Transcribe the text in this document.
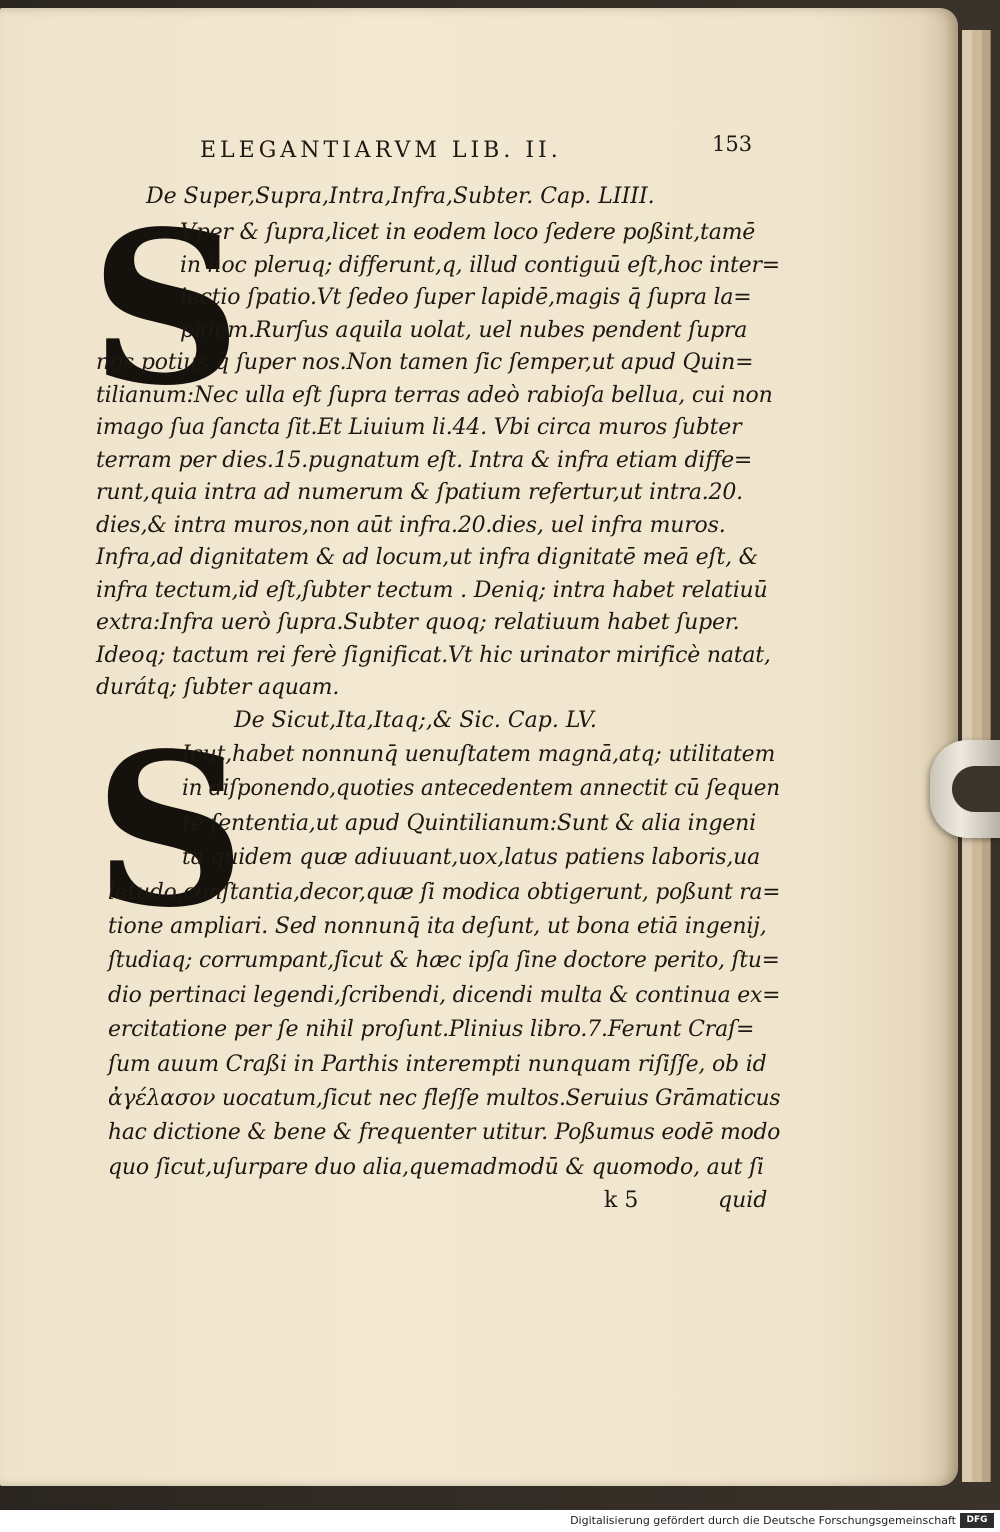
ELEGANTIARVM LIB. II.	153
De Super,Supra,Intra,Infra,Subter. Cap. LIIII.
S
Vper & ſupra,licet in eodem loco ſedere poßint,tamē
in hoc pleruq; differunt,q, illud contiguū eſt,hoc inter=
iectio ſpatio.Vt ſedeo ſuper lapidē,magis q̄ ſupra la=
pidem.Rurſus aquila uolat, uel nubes pendent ſupra
nos potius q̄ ſuper nos.Non tamen ſic ſemper,ut apud Quin=
tilianum:Nec ulla eſt ſupra terras adeò rabioſa bellua, cui non
imago ſua ſancta ſit.Et Liuium li.44. Vbi circa muros ſubter
terram per dies.15.pugnatum eſt. Intra & infra etiam diffe=
runt,quia intra ad numerum & ſpatium refertur,ut intra.20.
dies,& intra muros,non aūt infra.20.dies, uel infra muros.
Infra,ad dignitatem & ad locum,ut infra dignitatē meā eſt, &
infra tectum,id eſt,ſubter tectum . Deniq; intra habet relatiuū
extra:Infra uerò ſupra.Subter quoq; relatiuum habet ſuper.
Ideoq; tactum rei ferè ſignificat.Vt hic urinator mirificè natat,
durátq; ſubter aquam.
De Sicut,Ita,Itaq;,& Sic. Cap. LV.
S
Icut,habet nonnunq̄ uenuſtatem magnā,atq; utilitatem
in diſponendo,quoties antecedentem annectit cū ſequen
te ſententia,ut apud Quintilianum:Sunt & alia ingeni
ta quidem quæ adiuuant,uox,latus patiens laboris,ua
letudo,conſtantia,decor,quæ ſi modica obtigerunt, poßunt ra=
tione ampliari. Sed nonnunq̄ ita deſunt, ut bona etiā ingenij,
ſtudiaq; corrumpant,ſicut & hæc ipſa ſine doctore perito, ſtu=
dio pertinaci legendi,ſcribendi, dicendi multa & continua ex=
ercitatione per ſe nihil proſunt.Plinius libro.7.Ferunt Craſ=
ſum auum Craßi in Parthis interempti nunquam riſiſſe, ob id
ἀγέλασον uocatum,ſicut nec fleſſe multos.Seruius Grāmaticus
hac dictione & bene & frequenter utitur. Poßumus eodē modo
quo ſicut,uſurpare duo alia,quemadmodū & quomodo, aut ſi
k 5	quid
Digitalisierung gefördert durch die Deutsche Forschungsgemeinschaft	DFG
